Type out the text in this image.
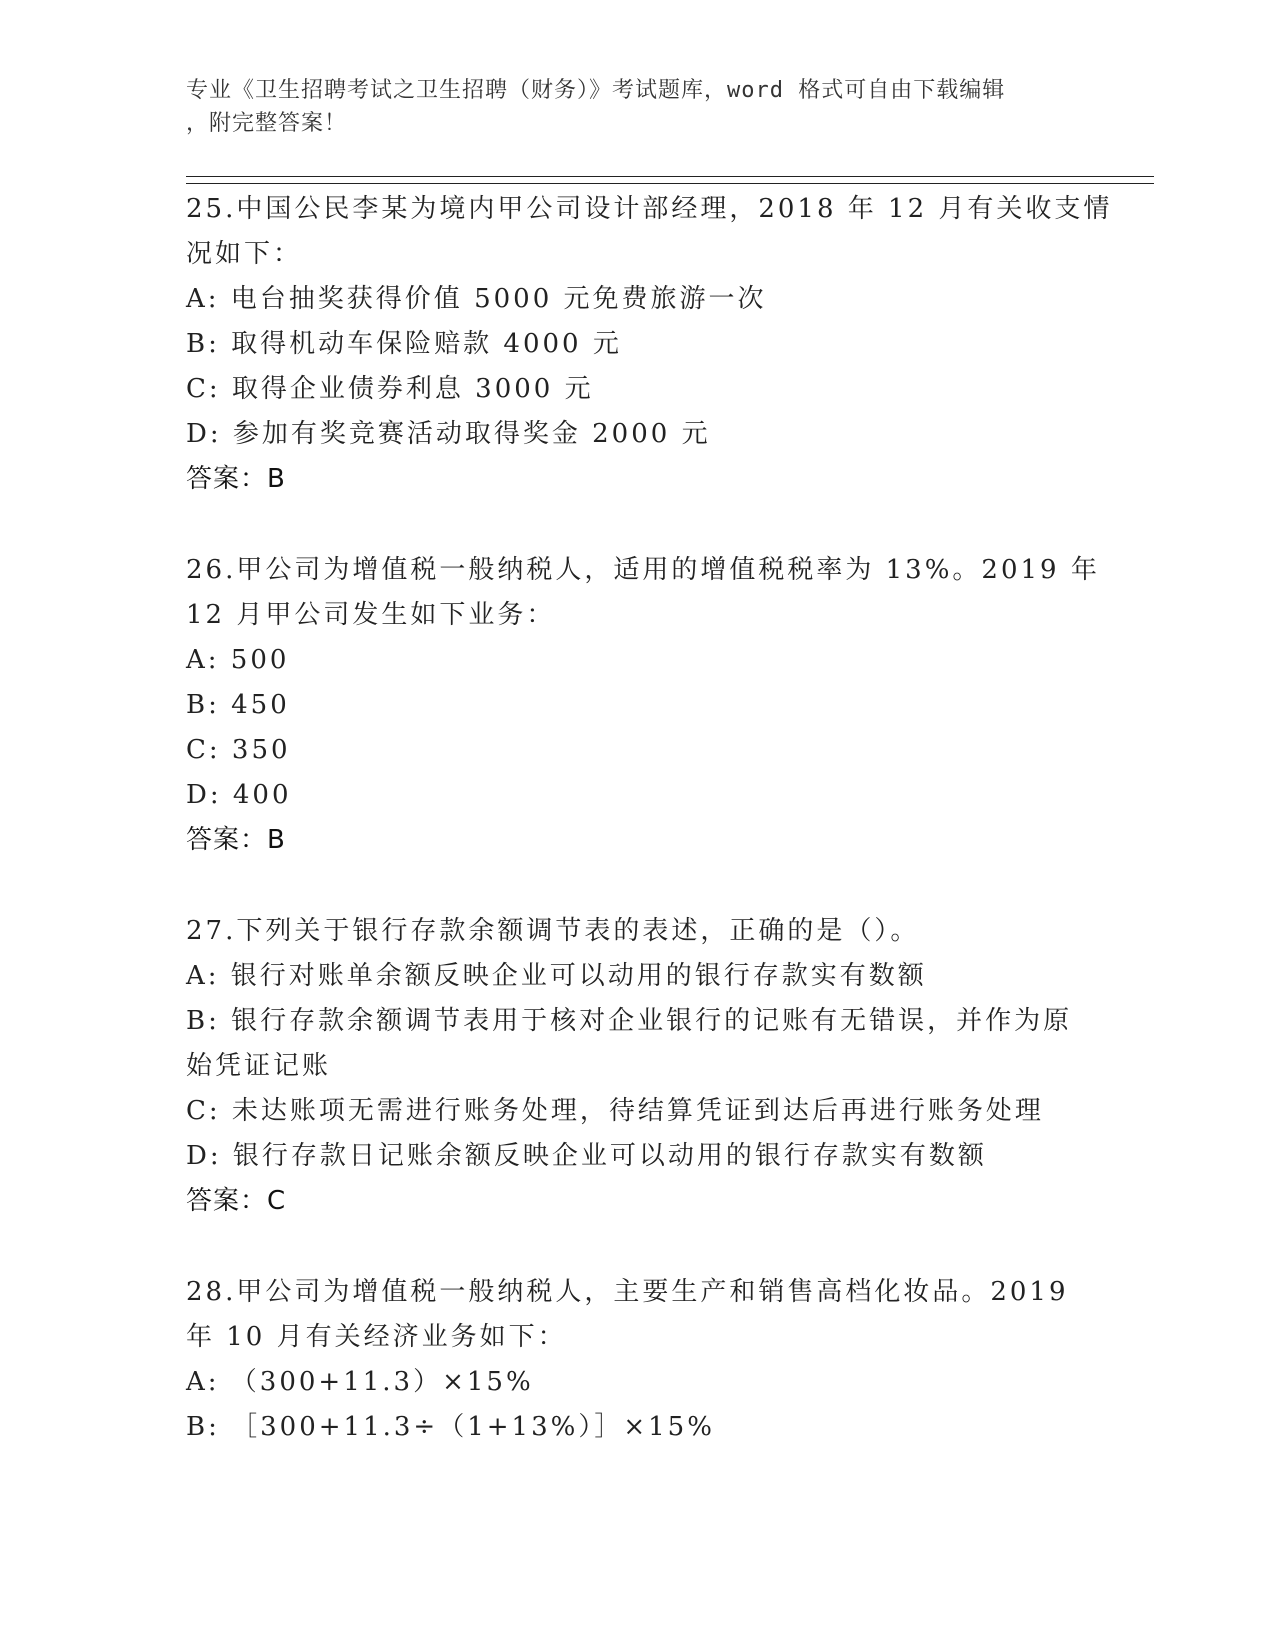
专业《卫生招聘考试之卫生招聘（财务）》考试题库，word 格式可自由下载编辑
，附完整答案！
25.中国公民李某为境内甲公司设计部经理，2018 年 12 月有关收支情
况如下：
A: 电台抽奖获得价值 5000 元免费旅游一次
B: 取得机动车保险赔款 4000 元
C: 取得企业债券利息 3000 元
D: 参加有奖竞赛活动取得奖金 2000 元
答案：B
26.甲公司为增值税一般纳税人，适用的增值税税率为 13%。2019 年
12 月甲公司发生如下业务：
A: 500
B: 450
C: 350
D: 400
答案：B
27.下列关于银行存款余额调节表的表述，正确的是（）。
A: 银行对账单余额反映企业可以动用的银行存款实有数额
B: 银行存款余额调节表用于核对企业银行的记账有无错误，并作为原
始凭证记账
C: 未达账项无需进行账务处理，待结算凭证到达后再进行账务处理
D: 银行存款日记账余额反映企业可以动用的银行存款实有数额
答案：C
28.甲公司为增值税一般纳税人，主要生产和销售高档化妆品。2019
年 10 月有关经济业务如下：
A: （300+11.3）×15%
B: ［300+11.3÷（1+13%）］×15%
